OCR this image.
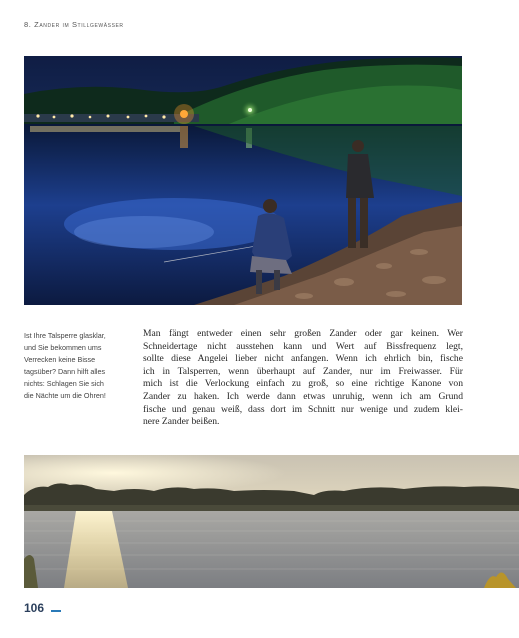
8. Zander im Stillgewässer
Ist Ihre Talsperre glasklar,
und Sie bekommen ums
Verrecken keine Bisse
tagsüber? Dann hilft alles
nichts: Schlagen Sie sich
die Nächte um die Ohren!
Man fängt entweder einen sehr großen Zander oder gar keinen. Wer
Schneidertage nicht ausstehen kann und Wert auf Bissfrequenz legt,
sollte diese Angelei lieber nicht anfangen. Wenn ich ehrlich bin, fische
ich in Talsperren, wenn überhaupt auf Zander, nur im Freiwasser. Für
mich ist die Verlockung einfach zu groß, so eine richtige Kanone von
Zander zu haken. Ich werde dann etwas unruhig, wenn ich am Grund
fische und genau weiß, dass dort im Schnitt nur wenige und zudem klei-
nere Zander beißen.
106
